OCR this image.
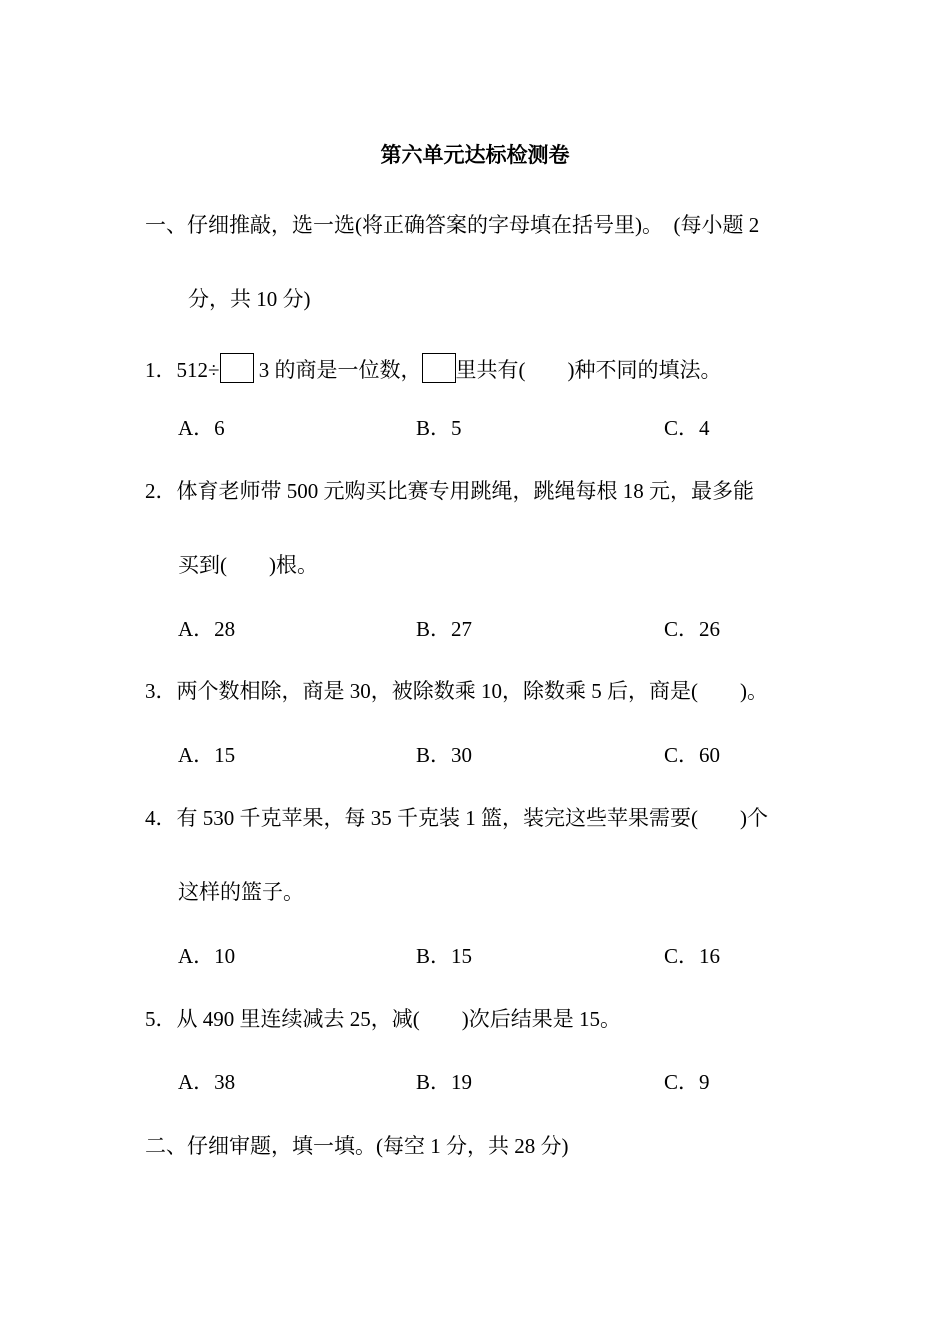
第六单元达标检测卷
一、仔细推敲，选一选(将正确答案的字母填在括号里)。　(每小题 2
分，共 10 分)
1．512÷ 3 的商是一位数， 里共有(　　)种不同的填法。
A．6	B．5	C．4
2．体育老师带 500 元购买比赛专用跳绳，跳绳每根 18 元，最多能
买到(　　)根。
A．28	B．27	C．26
3．两个数相除，商是 30，被除数乘 10，除数乘 5 后，商是(　　)。
A．15	B．30	C．60
4．有 530 千克苹果，每 35 千克装 1 篮，装完这些苹果需要(　　)个
这样的篮子。
A．10	B．15	C．16
5．从 490 里连续减去 25，减(　　)次后结果是 15。
A．38	B．19	C．9
二、仔细审题，填一填。(每空 1 分，共 28 分)
